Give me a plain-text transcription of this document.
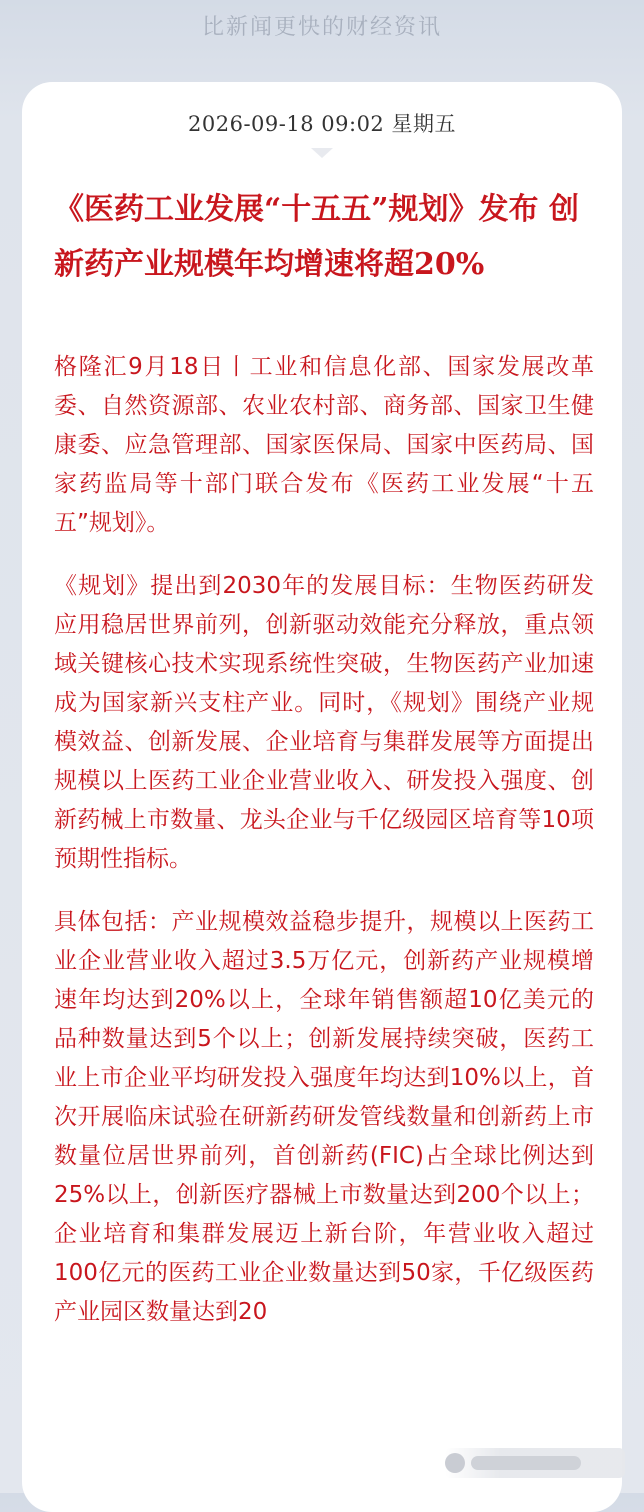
比新闻更快的财经资讯
2026-09-18 09:02 星期五
《医药工业发展“十五五”规划》发布 创新药产业规模年均增速将超20%

格隆汇9月18日丨工业和信息化部、国家发展改革委、自然资源部、农业农村部、商务部、国家卫生健康委、应急管理部、国家医保局、国家中医药局、国家药监局等十部门联合发布《医药工业发展“十五五”规划》。

《规划》提出到2030年的发展目标：生物医药研发应用稳居世界前列，创新驱动效能充分释放，重点领域关键核心技术实现系统性突破，生物医药产业加速成为国家新兴支柱产业。同时，《规划》围绕产业规模效益、创新发展、企业培育与集群发展等方面提出规模以上医药工业企业营业收入、研发投入强度、创新药械上市数量、龙头企业与千亿级园区培育等10项预期性指标。

具体包括：产业规模效益稳步提升，规模以上医药工业企业营业收入超过3.5万亿元，创新药产业规模增速年均达到20%以上，全球年销售额超10亿美元的品种数量达到5个以上；创新发展持续突破，医药工业上市企业平均研发投入强度年均达到10%以上，首次开展临床试验在研新药研发管线数量和创新药上市数量位居世界前列，首创新药(FIC)占全球比例达到25%以上，创新医疗器械上市数量达到200个以上；企业培育和集群发展迈上新台阶，年营业收入超过100亿元的医药工业企业数量达到50家，千亿级医药产业园区数量达到20
